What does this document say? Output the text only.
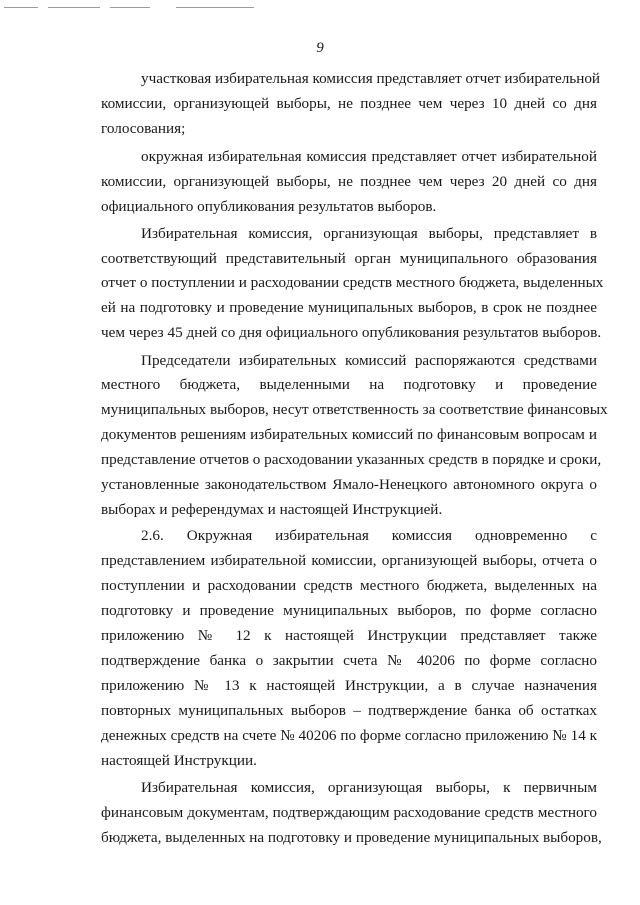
9
участковая избирательная комиссия представляет отчет избирательной
комиссии, организующей выборы, не позднее чем через 10 дней со дня
голосования;
окружная избирательная комиссия представляет отчет избирательной
комиссии, организующей выборы, не позднее чем через 20 дней со дня
официального опубликования результатов выборов.
Избирательная комиссия, организующая выборы, представляет в
соответствующий представительный орган муниципального образования
отчет о поступлении и расходовании средств местного бюджета, выделенных
ей на подготовку и проведение муниципальных выборов, в срок не позднее
чем через 45 дней со дня официального опубликования результатов выборов.
Председатели избирательных комиссий распоряжаются средствами
местного бюджета, выделенными на подготовку и проведение
муниципальных выборов, несут ответственность за соответствие финансовых
документов решениям избирательных комиссий по финансовым вопросам и
представление отчетов о расходовании указанных средств в порядке и сроки,
установленные законодательством Ямало-Ненецкого автономного округа о
выборах и референдумах и настоящей Инструкцией.
2.6. Окружная избирательная комиссия одновременно с
представлением избирательной комиссии, организующей выборы, отчета о
поступлении и расходовании средств местного бюджета, выделенных на
подготовку и проведение муниципальных выборов, по форме согласно
приложению № 12 к настоящей Инструкции представляет также
подтверждение банка о закрытии счета № 40206 по форме согласно
приложению № 13 к настоящей Инструкции, а в случае назначения
повторных муниципальных выборов – подтверждение банка об остатках
денежных средств на счете № 40206 по форме согласно приложению № 14 к
настоящей Инструкции.
Избирательная комиссия, организующая выборы, к первичным
финансовым документам, подтверждающим расходование средств местного
бюджета, выделенных на подготовку и проведение муниципальных выборов,
